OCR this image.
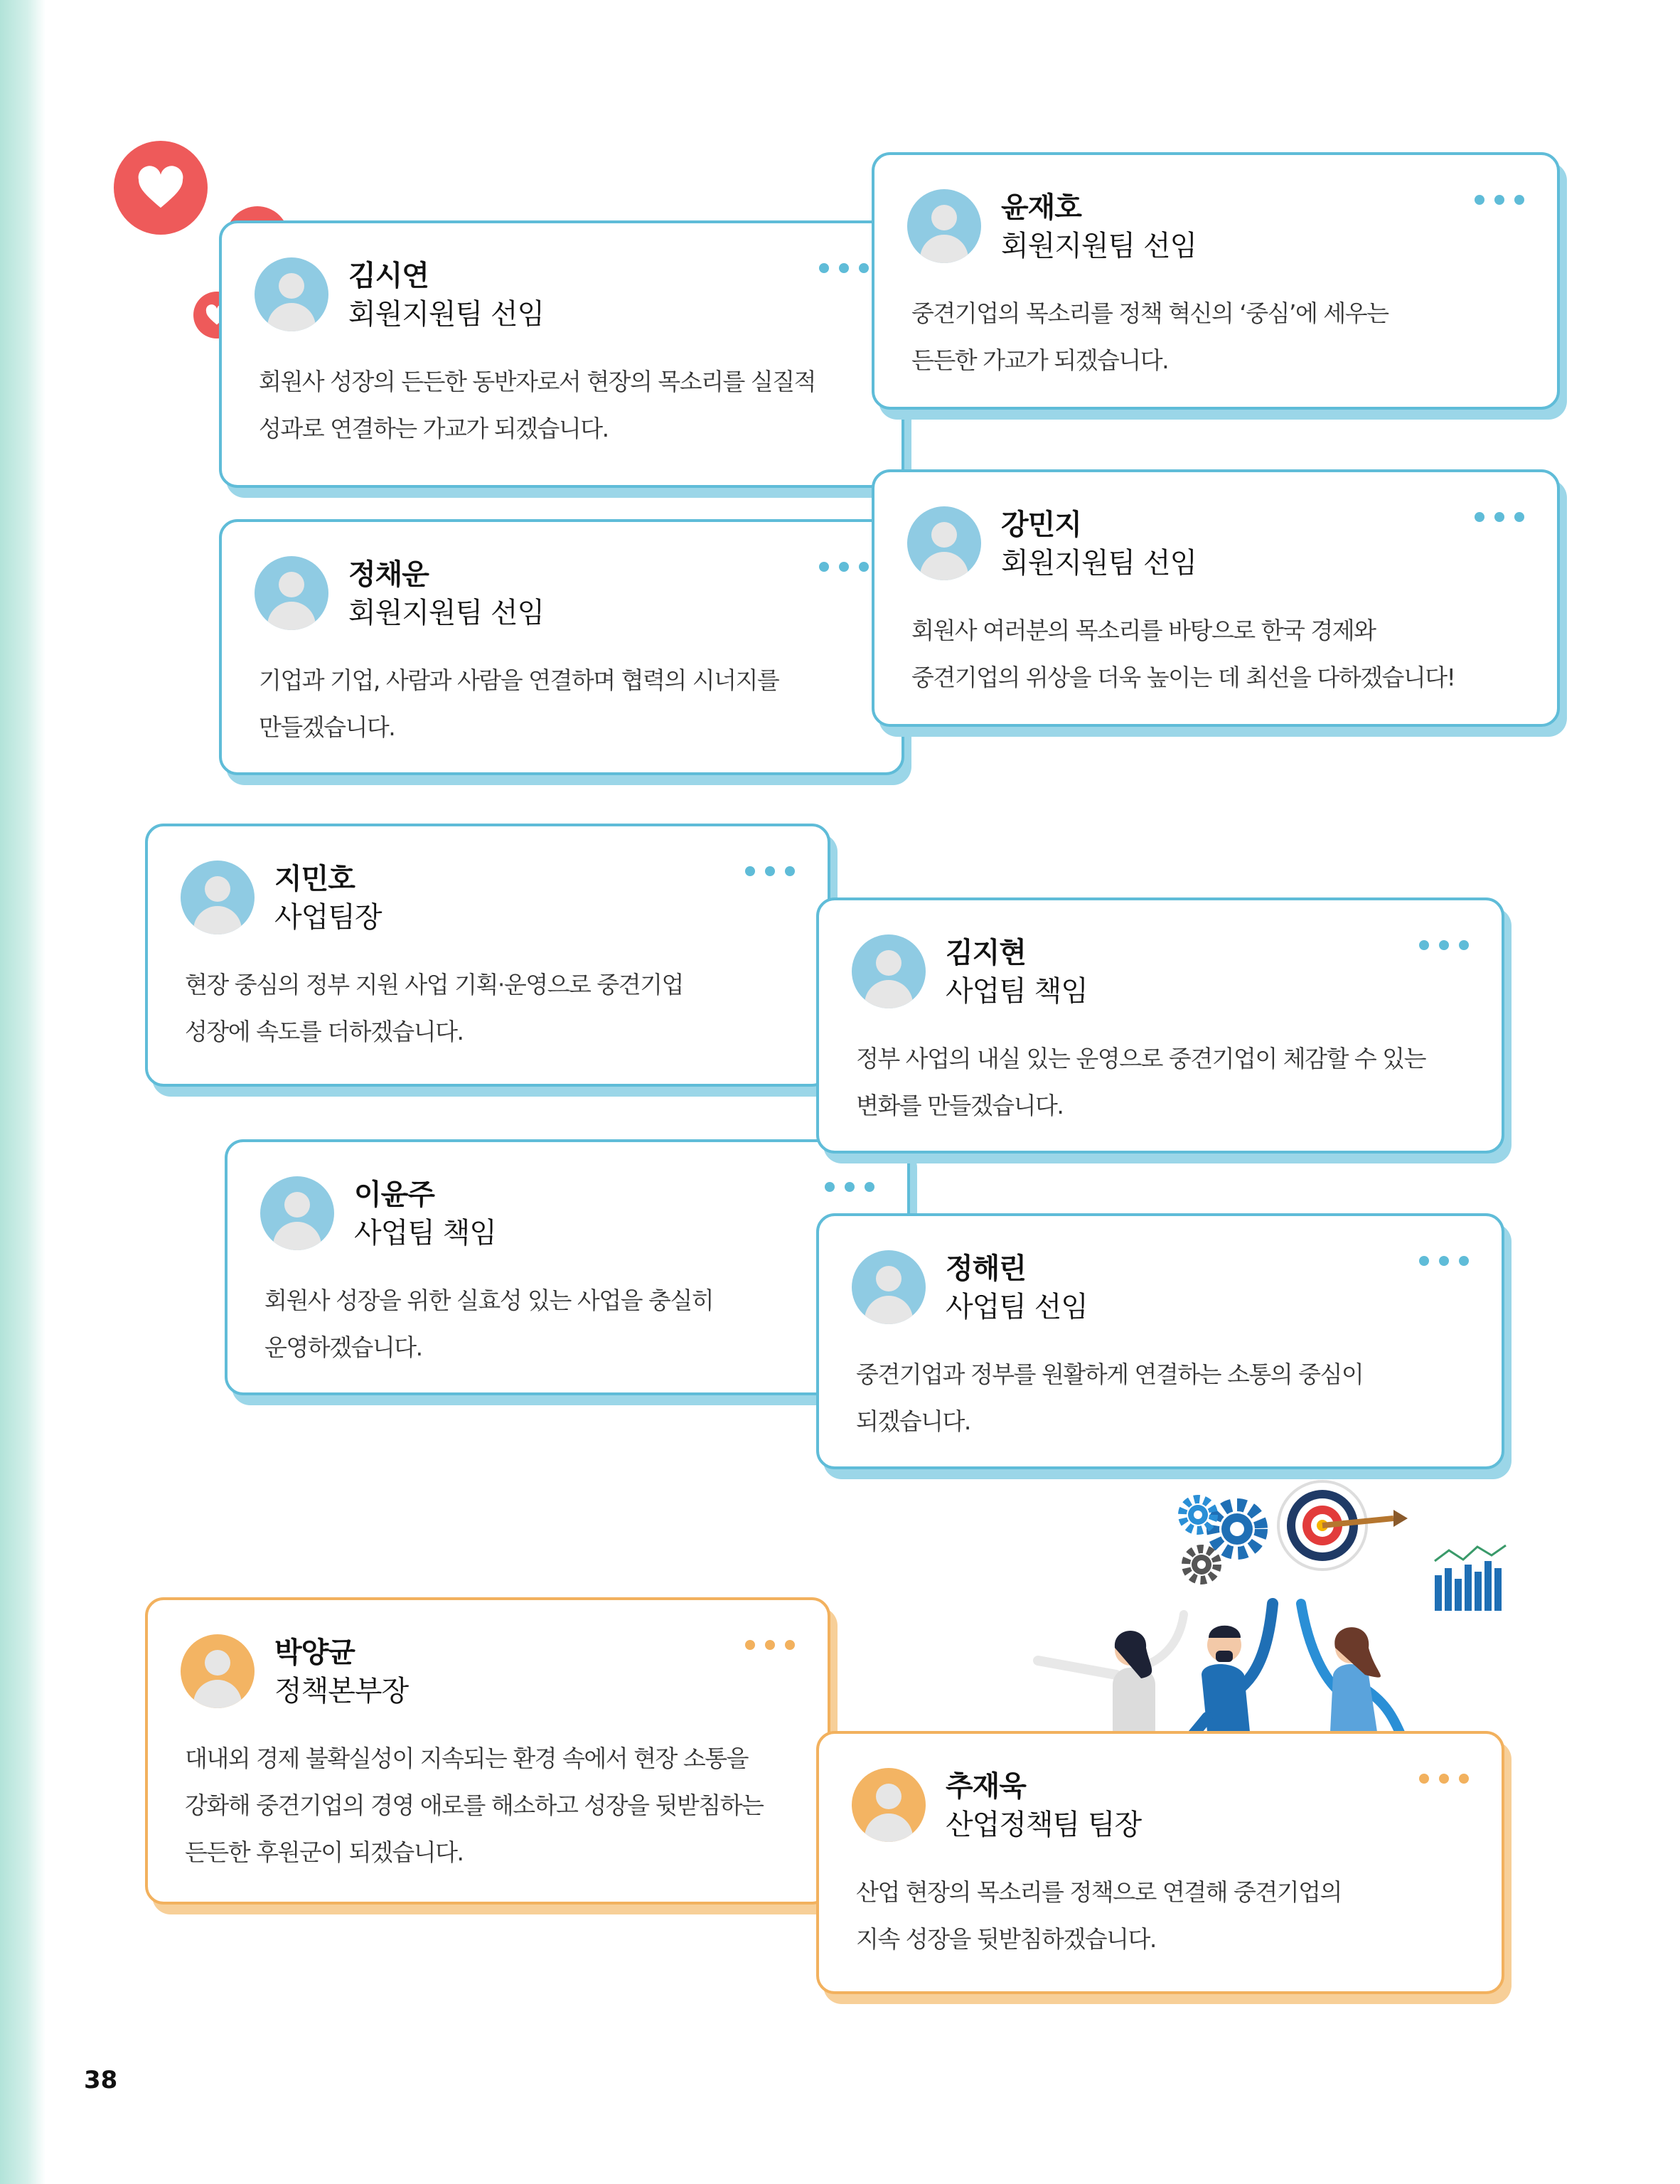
김시연
회원지원팀 선임
회원사 성장의 든든한 동반자로서 현장의 목소리를 실질적
성과로 연결하는 가교가 되겠습니다.
윤재호
회원지원팀 선임
중견기업의 목소리를 정책 혁신의 ‘중심’에 세우는
든든한 가교가 되겠습니다.
정채운
회원지원팀 선임
기업과 기업, 사람과 사람을 연결하며 협력의 시너지를
만들겠습니다.
강민지
회원지원팀 선임
회원사 여러분의 목소리를 바탕으로 한국 경제와
중견기업의 위상을 더욱 높이는 데 최선을 다하겠습니다!
지민호
사업팀장
현장 중심의 정부 지원 사업 기획·운영으로 중견기업
성장에 속도를 더하겠습니다.
이윤주
사업팀 책임
회원사 성장을 위한 실효성 있는 사업을 충실히
운영하겠습니다.
김지현
사업팀 책임
정부 사업의 내실 있는 운영으로 중견기업이 체감할 수 있는
변화를 만들겠습니다.
정해린
사업팀 선임
중견기업과 정부를 원활하게 연결하는 소통의 중심이
되겠습니다.
박양균
정책본부장
대내외 경제 불확실성이 지속되는 환경 속에서 현장 소통을
강화해 중견기업의 경영 애로를 해소하고 성장을 뒷받침하는
든든한 후원군이 되겠습니다.
추재욱
산업정책팀 팀장
산업 현장의 목소리를 정책으로 연결해 중견기업의
지속 성장을 뒷받침하겠습니다.
38
